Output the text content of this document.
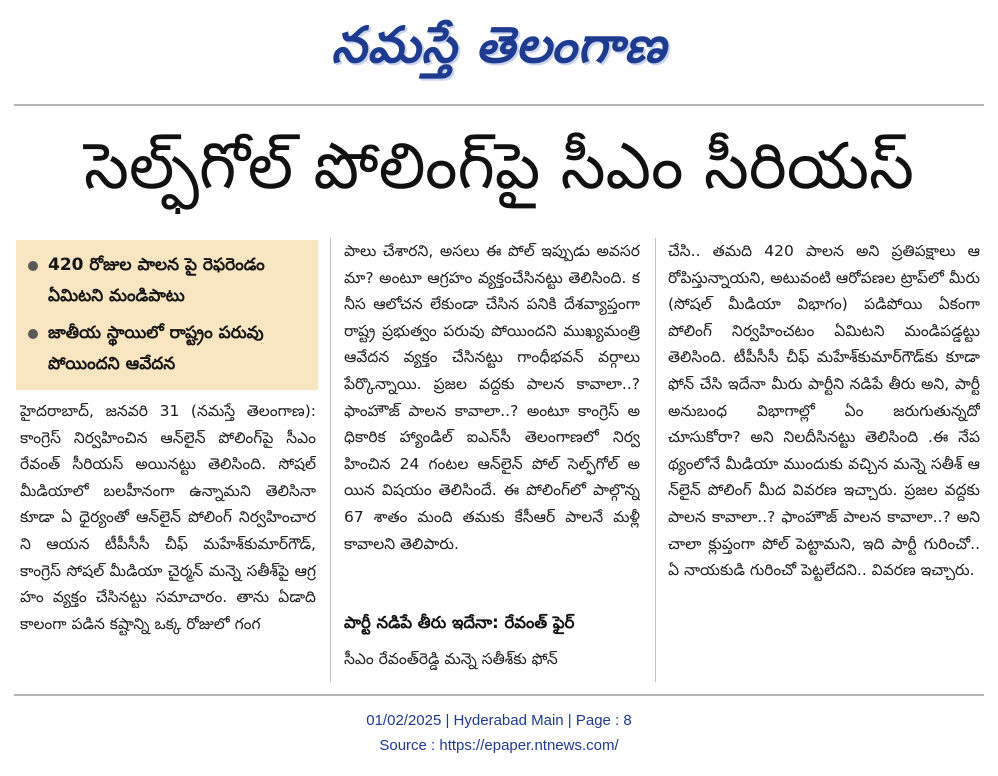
నమస్తే తెలంగాణ
సెల్ఫ్‌గోల్ పోలింగ్‌పై సీఎం సీరియస్
420 రోజుల పాలన పై రెఫరెండం ఏమిటని మండిపాటు
జాతీయ స్థాయిలో రాష్ట్రం పరువు పోయిందని ఆవేదన
హైదరాబాద్, జనవరి 31 (నమస్తే తెలంగాణ): కాంగ్రెస్ నిర్వహించిన ఆన్‌లైన్ పోలింగ్‌పై సీఎం రేవంత్ సీరియస్ అయినట్టు తెలిసింది. సోషల్ మీడియాలో బలహీనంగా ఉన్నామని తెలిసినా కూడా ఏ ధైర్యంతో ఆన్‌లైన్ పోలింగ్ నిర్వహించారని ఆయన టీపీసీసీ చీఫ్ మహేశ్‌కుమార్‌గౌడ్, కాంగ్రెస్ సోషల్ మీడియా చైర్మన్ మన్నె సతీశ్‌పై ఆగ్రహం వ్యక్తం చేసినట్టు సమాచారం. తాను ఏడాది కాలంగా పడిన కష్టాన్ని ఒక్క రోజులో గంగ
పాలు చేశారని, అసలు ఈ పోల్ ఇప్పుడు అవసరమా? అంటూ ఆగ్రహం వ్యక్తంచేసినట్టు తెలిసింది. కనీస ఆలోచన లేకుండా చేసిన పనికి దేశవ్యాప్తంగా రాష్ట్ర ప్రభుత్వం పరువు పోయిందని ముఖ్యమంత్రి ఆవేదన వ్యక్తం చేసినట్టు గాంధీభవన్ వర్గాలు పేర్కొన్నాయి. ప్రజల వద్దకు పాలన కావాలా..? ఫాంహౌజ్ పాలన కావాలా..? అంటూ కాంగ్రెస్ అధికారిక హ్యాండిల్ ఐఎన్‌సీ తెలంగాణలో నిర్వహించిన 24 గంటల ఆన్‌లైన్ పోల్ సెల్ఫ్‌గోల్ అయిన విషయం తెలిసిందే. ఈ పోలింగ్‌లో పాల్గొన్న 67 శాతం మంది తమకు కేసీఆర్ పాలనే మళ్లీ కావాలని తెలిపారు.
పార్టీ నడిపే తీరు ఇదేనా: రేవంత్ ఫైర్
సీఎం రేవంత్‌రెడ్డి మన్నె సతీశ్‌కు ఫోన్
చేసి.. తమది 420 పాలన అని ప్రతిపక్షాలు ఆరోపిస్తున్నాయని, అటువంటి ఆరోపణల ట్రాప్‌లో మీరు (సోషల్ మీడియా విభాగం) పడిపోయి ఏకంగా పోలింగ్ నిర్వహించటం ఏమిటని మండిపడ్డట్టు తెలిసింది. టీపీసీసీ చీఫ్ మహేశ్‌కుమార్‌గౌడ్‌కు కూడా ఫోన్ చేసి ఇదేనా మీరు పార్టీని నడిపే తీరు అని, పార్టీ అనుబంధ విభాగాల్లో ఏం జరుగుతున్నదో చూసుకోరా? అని నిలదీసినట్టు తెలిసింది .ఈ నేపథ్యంలోనే మీడియా ముందుకు వచ్చిన మన్నె సతీశ్ ఆన్‌లైన్ పోలింగ్ మీద వివరణ ఇచ్చారు. ప్రజల వద్దకు పాలన కావాలా..? ఫాంహౌజ్ పాలన కావాలా..? అని చాలా క్లుప్తంగా పోల్ పెట్టామని, ఇది పార్టీ గురించో.. ఏ నాయకుడి గురించో పెట్టలేదని.. వివరణ ఇచ్చారు.
01/02/2025 | Hyderabad Main | Page : 8
Source : https://epaper.ntnews.com/
